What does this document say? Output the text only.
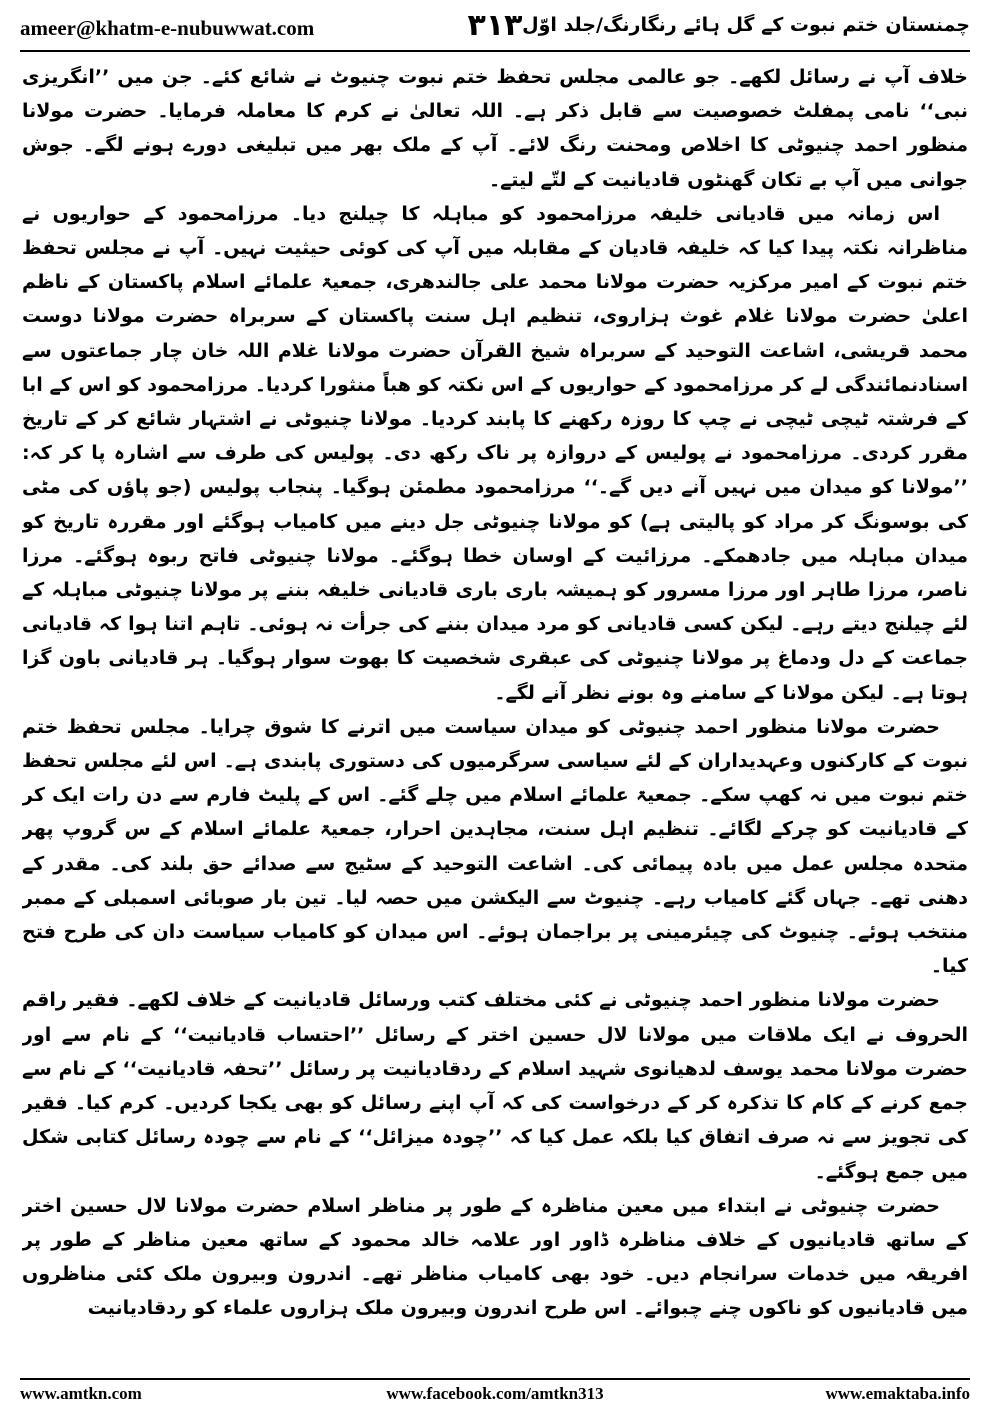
ameer@khatm-e-nubuwwat.com	۳۱۳ چمنستان ختم نبوت کے گل ہائے رنگارنگ/جلد اوّل

خلاف آپ نے رسائل لکھے۔ جو عالمی مجلس تحفظ ختم نبوت چنیوٹ نے شائع کئے۔ جن میں ’’انگریزی نبی‘‘ نامی پمفلٹ خصوصیت سے قابل ذکر ہے۔ اللہ تعالیٰ نے کرم کا معاملہ فرمایا۔ حضرت مولانا منظور احمد چنیوٹی کا اخلاص ومحنت رنگ لائے۔ آپ کے ملک بھر میں تبلیغی دورے ہونے لگے۔ جوش جوانی میں آپ بے تکان گھنٹوں قادیانیت کے لتّے لیتے۔

اس زمانہ میں قادیانی خلیفہ مرزامحمود کو مباہلہ کا چیلنج دیا۔ مرزامحمود کے حواریوں نے مناظرانہ نکتہ پیدا کیا کہ خلیفہ قادیان کے مقابلہ میں آپ کی کوئی حیثیت نہیں۔ آپ نے مجلس تحفظ ختم نبوت کے امیر مرکزیہ حضرت مولانا محمد علی جالندھری، جمعیۃ علمائے اسلام پاکستان کے ناظم اعلیٰ حضرت مولانا غلام غوث ہزاروی، تنظیم اہل سنت پاکستان کے سربراہ حضرت مولانا دوست محمد قریشی، اشاعت التوحید کے سربراہ شیخ القرآن حضرت مولانا غلام اللہ خان چار جماعتوں سے اسنادنمائندگی لے کر مرزامحمود کے حواریوں کے اس نکتہ کو ھباً منثورا کردیا۔ مرزامحمود کو اس کے ابا کے فرشتہ ٹیچی ٹیچی نے چپ کا روزہ رکھنے کا پابند کردیا۔ مولانا چنیوٹی نے اشتہار شائع کر کے تاریخ مقرر کردی۔ مرزامحمود نے پولیس کے دروازہ پر ناک رکھ دی۔ پولیس کی طرف سے اشارہ پا کر کہ: ’’مولانا کو میدان میں نہیں آنے دیں گے۔‘‘ مرزامحمود مطمئن ہوگیا۔ پنجاب پولیس (جو پاؤں کی مٹی کی بوسونگ کر مراد کو پالیتی ہے) کو مولانا چنیوٹی جل دینے میں کامیاب ہوگئے اور مقررہ تاریخ کو میدان مباہلہ میں جادھمکے۔ مرزائیت کے اوسان خطا ہوگئے۔ مولانا چنیوٹی فاتح ربوہ ہوگئے۔ مرزا ناصر، مرزا طاہر اور مرزا مسرور کو ہمیشہ باری باری قادیانی خلیفہ بننے پر مولانا چنیوٹی مباہلہ کے لئے چیلنج دیتے رہے۔ لیکن کسی قادیانی کو مرد میدان بننے کی جرأت نہ ہوئی۔ تاہم اتنا ہوا کہ قادیانی جماعت کے دل ودماغ پر مولانا چنیوٹی کی عبقری شخصیت کا بھوت سوار ہوگیا۔ ہر قادیانی باون گزا ہوتا ہے۔ لیکن مولانا کے سامنے وہ بونے نظر آنے لگے۔

حضرت مولانا منظور احمد چنیوٹی کو میدان سیاست میں اترنے کا شوق چرایا۔ مجلس تحفظ ختم نبوت کے کارکنوں وعہدیداران کے لئے سیاسی سرگرمیوں کی دستوری پابندی ہے۔ اس لئے مجلس تحفظ ختم نبوت میں نہ کھپ سکے۔ جمعیۃ علمائے اسلام میں چلے گئے۔ اس کے پلیٹ فارم سے دن رات ایک کر کے قادیانیت کو چرکے لگائے۔ تنظیم اہل سنت، مجاہدین احرار، جمعیۃ علمائے اسلام کے س گروپ پھر متحدہ مجلس عمل میں بادہ پیمائی کی۔ اشاعت التوحید کے سٹیج سے صدائے حق بلند کی۔ مقدر کے دھنی تھے۔ جہاں گئے کامیاب رہے۔ چنیوٹ سے الیکشن میں حصہ لیا۔ تین بار صوبائی اسمبلی کے ممبر منتخب ہوئے۔ چنیوٹ کی چیئرمینی پر براجمان ہوئے۔ اس میدان کو کامیاب سیاست دان کی طرح فتح کیا۔

حضرت مولانا منظور احمد چنیوٹی نے کئی مختلف کتب ورسائل قادیانیت کے خلاف لکھے۔ فقیر راقم الحروف نے ایک ملاقات میں مولانا لال حسین اختر کے رسائل ’’احتساب قادیانیت‘‘ کے نام سے اور حضرت مولانا محمد یوسف لدھیانوی شہید اسلام کے ردقادیانیت پر رسائل ’’تحفہ قادیانیت‘‘ کے نام سے جمع کرنے کے کام کا تذکرہ کر کے درخواست کی کہ آپ اپنے رسائل کو بھی یکجا کردیں۔ کرم کیا۔ فقیر کی تجویز سے نہ صرف اتفاق کیا بلکہ عمل کیا کہ ’’چودہ میزائل‘‘ کے نام سے چودہ رسائل کتابی شکل میں جمع ہوگئے۔

حضرت چنیوٹی نے ابتداء میں معین مناظرہ کے طور پر مناظر اسلام حضرت مولانا لال حسین اختر کے ساتھ قادیانیوں کے خلاف مناظرہ ڈاور اور علامہ خالد محمود کے ساتھ معین مناظر کے طور پر افریقہ میں خدمات سرانجام دیں۔ خود بھی کامیاب مناظر تھے۔ اندرون وبیرون ملک کئی مناظروں میں قادیانیوں کو ناکوں چنے چبوائے۔ اس طرح اندرون وبیرون ملک ہزاروں علماء کو ردقادیانیت

www.amtkn.com	www.facebook.com/amtkn313	www.emaktaba.info
